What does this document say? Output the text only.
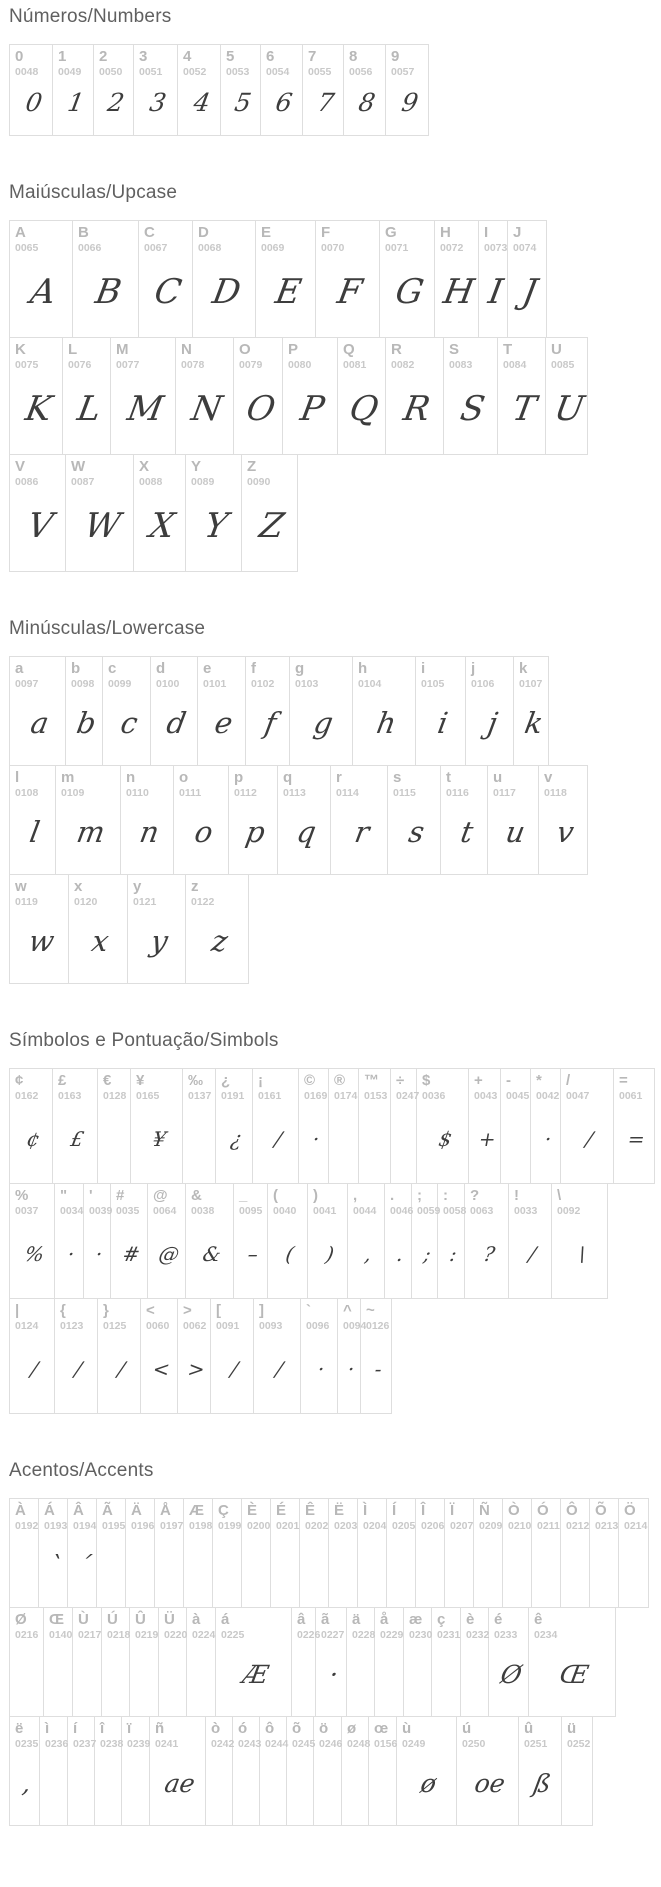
Números/Numbers
0
0048
0
1
0049
1
2
0050
2
3
0051
3
4
0052
4
5
0053
5
6
0054
6
7
0055
7
8
0056
8
9
0057
9
Maiúsculas/Upcase
A
0065
A
B
0066
B
C
0067
C
D
0068
D
E
0069
E
F
0070
F
G
0071
G
H
0072
H
I
0073
I
J
0074
J
K
0075
K
L
0076
L
M
0077
M
N
0078
N
O
0079
O
P
0080
P
Q
0081
Q
R
0082
R
S
0083
S
T
0084
T
U
0085
U
V
0086
V
W
0087
W
X
0088
X
Y
0089
Y
Z
0090
Z
Minúsculas/Lowercase
a
0097
a
b
0098
b
c
0099
c
d
0100
d
e
0101
e
f
0102
f
g
0103
g
h
0104
h
i
0105
i
j
0106
j
k
0107
k
l
0108
l
m
0109
m
n
0110
n
o
0111
o
p
0112
p
q
0113
q
r
0114
r
s
0115
s
t
0116
t
u
0117
u
v
0118
v
w
0119
w
x
0120
x
y
0121
y
z
0122
z
Símbolos e Pontuação/Simbols
¢
0162
¢
£
0163
£
€
0128
¥
0165
¥
‰
0137
¿
0191
¿
¡
0161
/
©
0169
·
®
0174
™
0153
÷
0247
$
0036
$
+
0043
+
-
0045
*
0042
·
/
0047
/
=
0061
=
%
0037
%
"
0034
·
'
0039
·
#
0035
#
@
0064
@
&
0038
&
_
0095
–
(
0040
(
)
0041
)
,
0044
,
.
0046
.
;
0059
;
:
0058
:
?
0063
?
!
0033
/
\
0092
\
|
0124
/
{
0123
/
}
0125
/
<
0060
<
>
0062
>
[
0091
/
]
0093
/
`
0096
·
^
0094
·
~
0126
-
Acentos/Accents
À
0192
Á
0193
`
Â
0194
´
Ã
0195
Ä
0196
Å
0197
Æ
0198
Ç
0199
È
0200
É
0201
Ê
0202
Ë
0203
Ì
0204
Í
0205
Î
0206
Ï
0207
Ñ
0209
Ò
0210
Ó
0211
Ô
0212
Õ
0213
Ö
0214
Ø
0216
Œ
0140
Ù
0217
Ú
0218
Û
0219
Ü
0220
à
0224
á
0225
Æ
â
0226
ã
0227
·
ä
0228
å
0229
æ
0230
ç
0231
è
0232
é
0233
Ø
ê
0234
Œ
ë
0235
,
ì
0236
í
0237
î
0238
ï
0239
ñ
0241
ae
ò
0242
ó
0243
ô
0244
õ
0245
ö
0246
ø
0248
œ
0156
ù
0249
ø
ú
0250
oe
û
0251
ß
ü
0252
